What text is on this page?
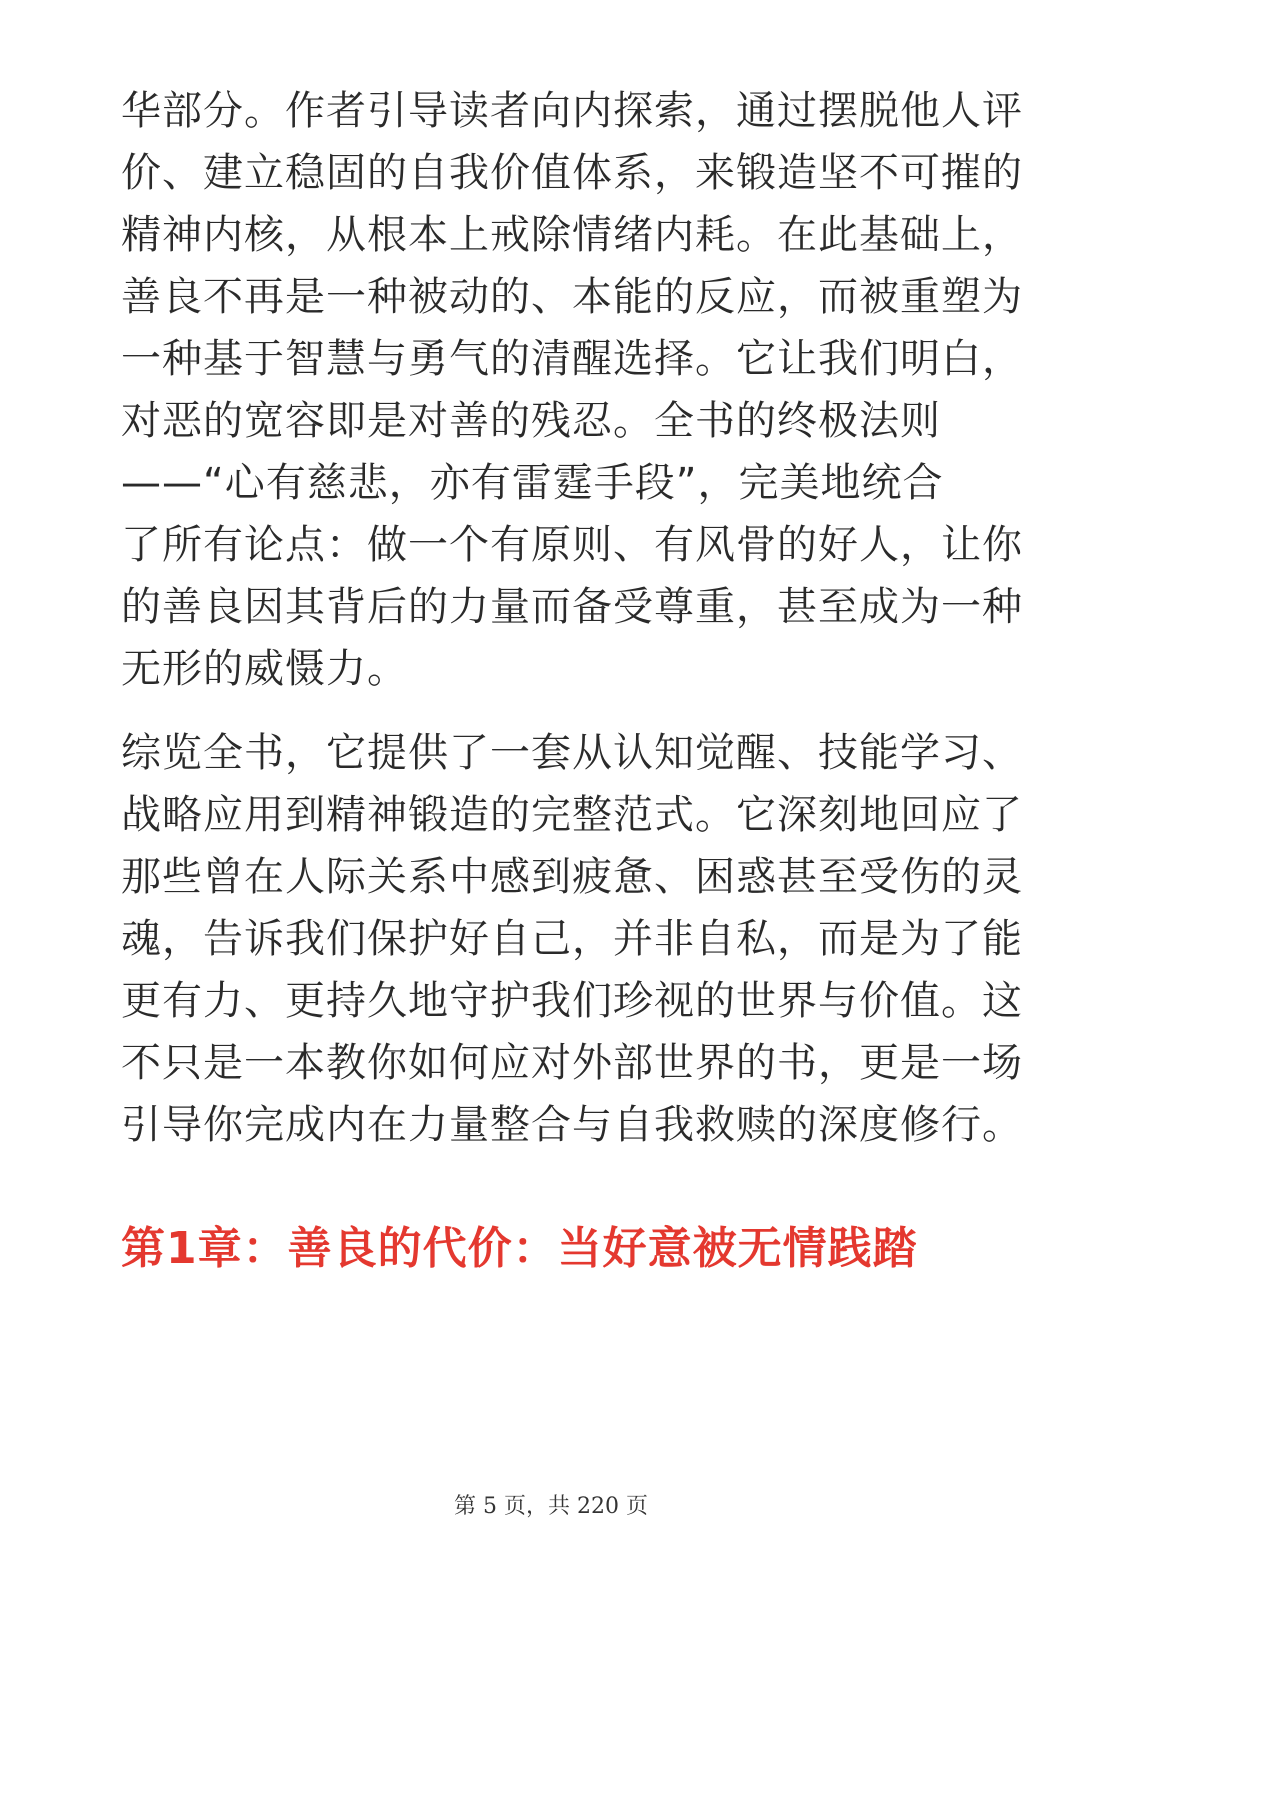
华部分。作者引导读者向内探索，通过摆脱他人评
价、建立稳固的自我价值体系，来锻造坚不可摧的
精神内核，从根本上戒除情绪内耗。在此基础上，
善良不再是一种被动的、本能的反应，而被重塑为
一种基于智慧与勇气的清醒选择。它让我们明白，
对恶的宽容即是对善的残忍。全书的终极法则
——“心有慈悲，亦有雷霆手段”，完美地统合
了所有论点：做一个有原则、有风骨的好人，让你
的善良因其背后的力量而备受尊重，甚至成为一种
无形的威慑力。
综览全书，它提供了一套从认知觉醒、技能学习、
战略应用到精神锻造的完整范式。它深刻地回应了
那些曾在人际关系中感到疲惫、困惑甚至受伤的灵
魂，告诉我们保护好自己，并非自私，而是为了能
更有力、更持久地守护我们珍视的世界与价值。这
不只是一本教你如何应对外部世界的书，更是一场
引导你完成内在力量整合与自我救赎的深度修行。
第1章：善良的代价：当好意被无情践踏
第 5 页，共 220 页
